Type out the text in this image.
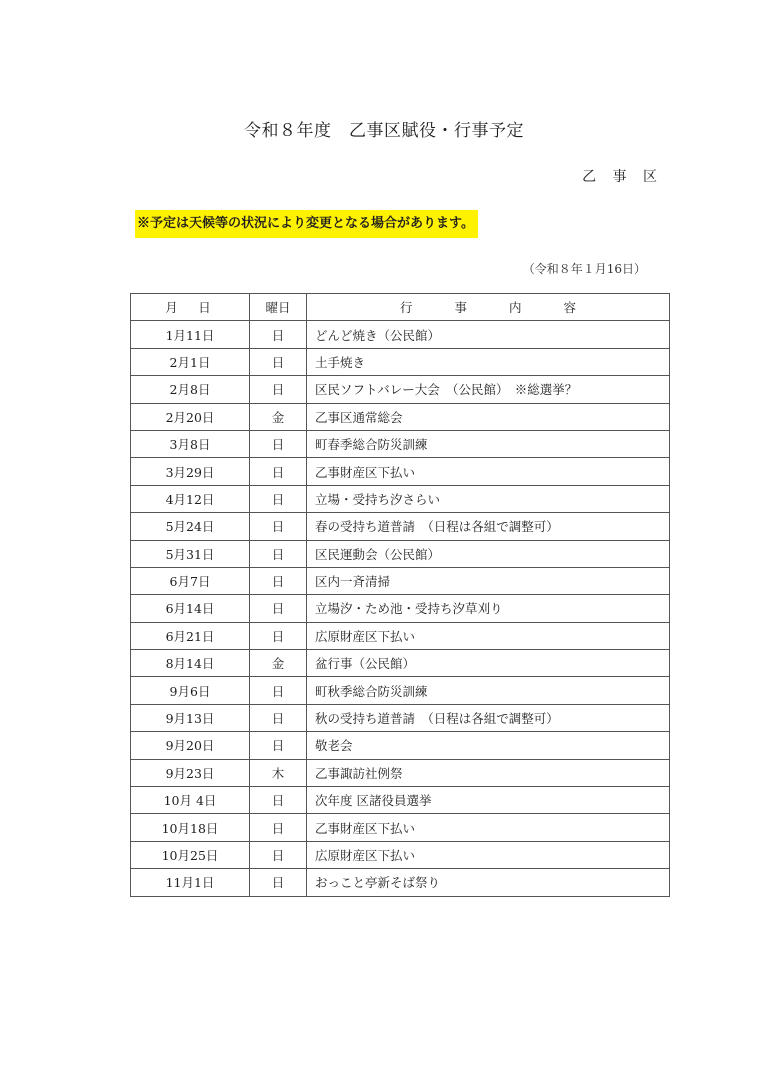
令和８年度　乙事区賦役・行事予定
乙 事 区
※予定は天候等の状況により変更となる場合があります。
（令和８年１月16日）
月　日	曜日	行事内容
1月11日	日	どんど焼き（公民館）
2月1日	日	土手焼き
2月8日	日	区民ソフトバレー大会　（公民館）　※総選挙？
2月20日	金	乙事区通常総会
3月8日	日	町春季総合防災訓練
3月29日	日	乙事財産区下払い
4月12日	日	立場・受持ち汐さらい
5月24日	日	春の受持ち道普請　（日程は各組で調整可）
5月31日	日	区民運動会（公民館）
6月7日	日	区内一斉清掃
6月14日	日	立場汐・ため池・受持ち汐草刈り
6月21日	日	広原財産区下払い
8月14日	金	盆行事（公民館）
9月6日	日	町秋季総合防災訓練
9月13日	日	秋の受持ち道普請　（日程は各組で調整可）
9月20日	日	敬老会
9月23日	木	乙事諏訪社例祭
10月 4日	日	次年度 区諸役員選挙
10月18日	日	乙事財産区下払い
10月25日	日	広原財産区下払い
11月1日	日	おっこと亭新そば祭り
